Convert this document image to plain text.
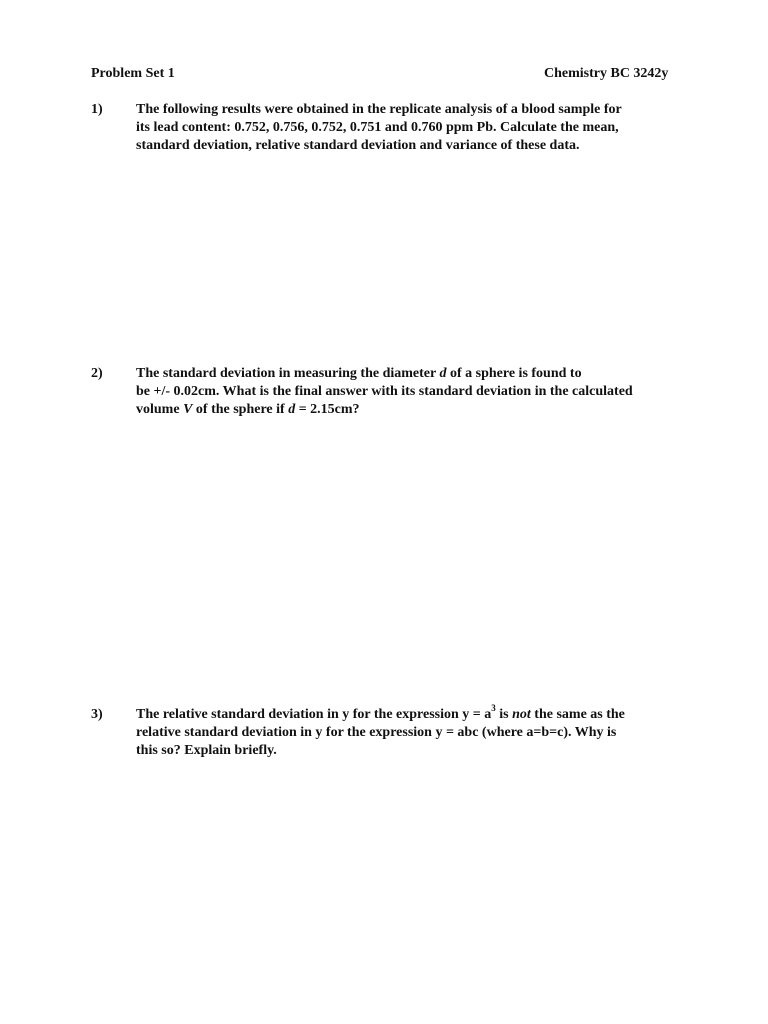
Problem Set 1	Chemistry BC 3242y
1) The following results were obtained in the replicate analysis of a blood sample for
its lead content: 0.752, 0.756, 0.752, 0.751 and 0.760 ppm Pb. Calculate the mean,
standard deviation, relative standard deviation and variance of these data.
2) The standard deviation in measuring the diameter d of a sphere is found to
be +/- 0.02cm. What is the final answer with its standard deviation in the calculated
volume V of the sphere if d = 2.15cm?
3) The relative standard deviation in y for the expression $y = a^3$ is not the same as the
relative standard deviation in y for the expression y = abc (where a=b=c). Why is
this so? Explain briefly.
